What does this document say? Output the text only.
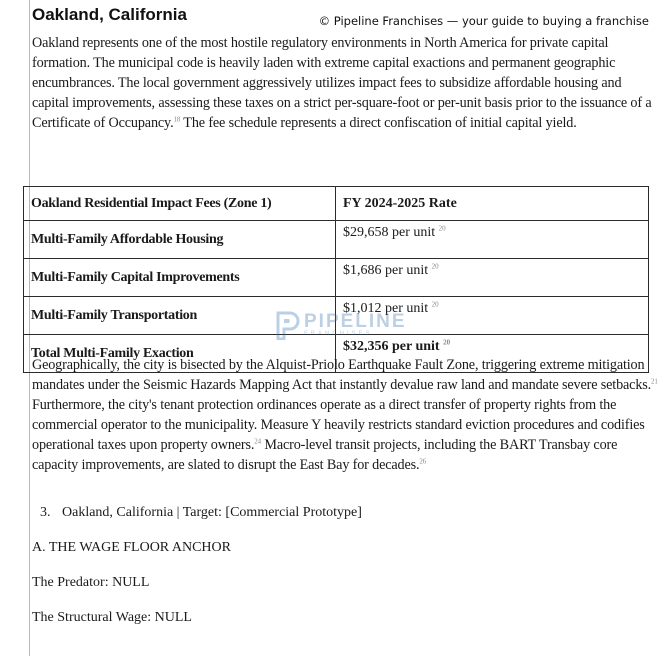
Oakland, California	© Pipeline Franchises — your guide to buying a franchise

Oakland represents one of the most hostile regulatory environments in North America for private capital formation. The municipal code is heavily laden with extreme capital exactions and permanent geographic encumbrances. The local government aggressively utilizes impact fees to subsidize affordable housing and capital improvements, assessing these taxes on a strict per-square-foot or per-unit basis prior to the issuance of a Certificate of Occupancy.$^{18}$ The fee schedule represents a direct confiscation of initial capital yield.

Oakland Residential Impact Fees (Zone 1)	FY 2024-2025 Rate
Multi-Family Affordable Housing	$29,658 per unit $^{20}$
Multi-Family Capital Improvements	$1,686 per unit $^{20}$
Multi-Family Transportation	$1,012 per unit $^{20}$
Total Multi-Family Exaction	$32,356 per unit $^{20}$
PIPELINE
FRANCHISES

Geographically, the city is bisected by the Alquist-Priolo Earthquake Fault Zone, triggering extreme mitigation mandates under the Seismic Hazards Mapping Act that instantly devalue raw land and mandate severe setbacks.$^{21}$ Furthermore, the city's tenant protection ordinances operate as a direct transfer of property rights from the commercial operator to the municipality. Measure Y heavily restricts standard eviction procedures and codifies operational taxes upon property owners.$^{24}$ Macro-level transit projects, including the BART Transbay core capacity improvements, are slated to disrupt the East Bay for decades.$^{26}$

3. Oakland, California | Target: [Commercial Prototype]
A. THE WAGE FLOOR ANCHOR
The Predator: NULL
The Structural Wage: NULL
